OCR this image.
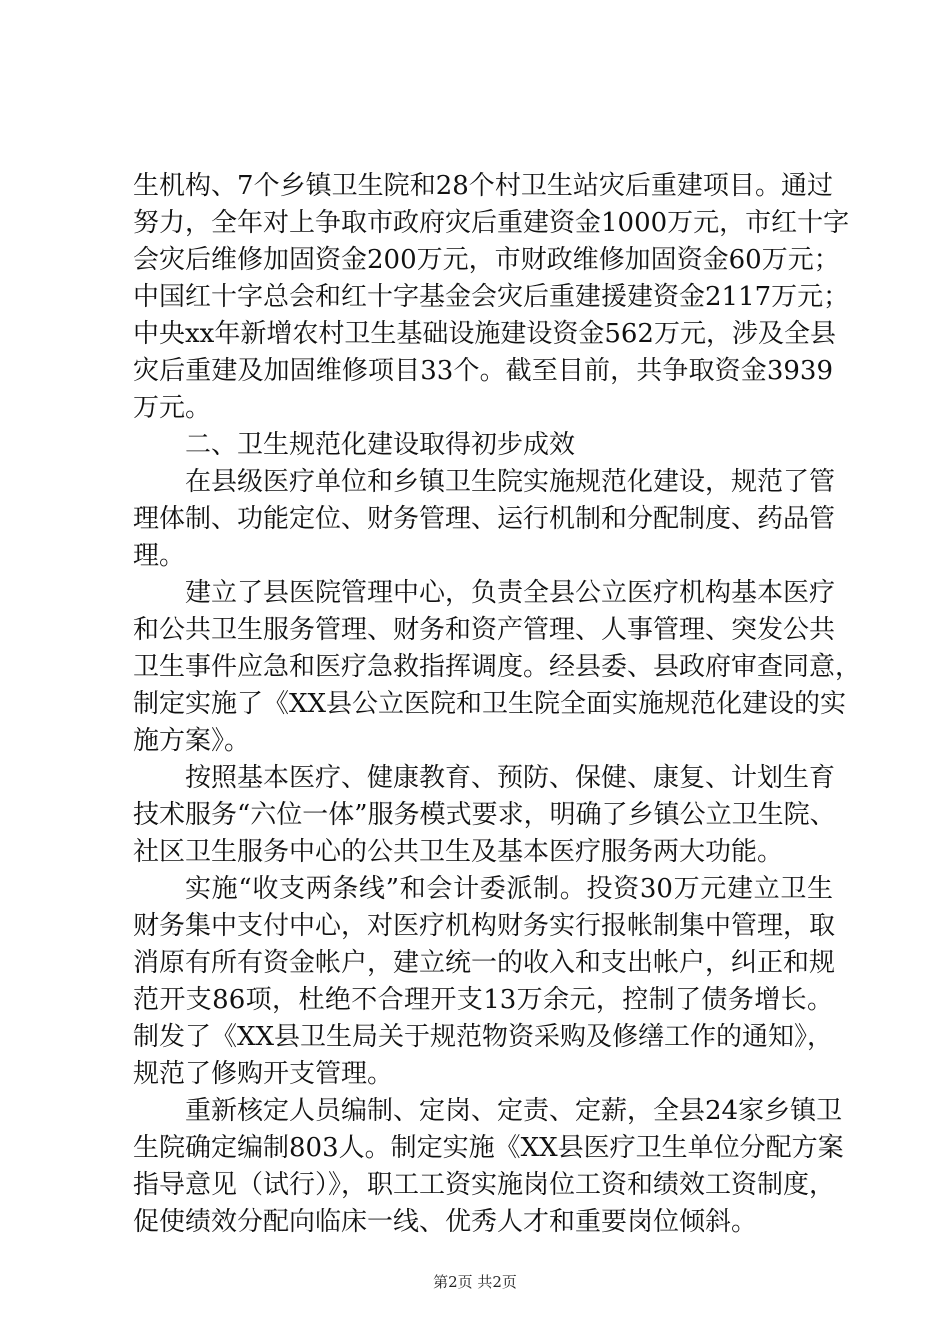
生机构、7个乡镇卫生院和28个村卫生站灾后重建项目。通过
努力，全年对上争取市政府灾后重建资金1000万元，市红十字
会灾后维修加固资金200万元，市财政维修加固资金60万元；
中国红十字总会和红十字基金会灾后重建援建资金2117万元；
中央xx年新增农村卫生基础设施建设资金562万元，涉及全县
灾后重建及加固维修项目33个。截至目前，共争取资金3939
万元。
二、卫生规范化建设取得初步成效
在县级医疗单位和乡镇卫生院实施规范化建设，规范了管
理体制、功能定位、财务管理、运行机制和分配制度、药品管
理。
建立了县医院管理中心，负责全县公立医疗机构基本医疗
和公共卫生服务管理、财务和资产管理、人事管理、突发公共
卫生事件应急和医疗急救指挥调度。经县委、县政府审查同意，
制定实施了《XX县公立医院和卫生院全面实施规范化建设的实
施方案》。
按照基本医疗、健康教育、预防、保健、康复、计划生育
技术服务“六位一体”服务模式要求，明确了乡镇公立卫生院、
社区卫生服务中心的公共卫生及基本医疗服务两大功能。
实施“收支两条线”和会计委派制。投资30万元建立卫生
财务集中支付中心，对医疗机构财务实行报帐制集中管理，取
消原有所有资金帐户，建立统一的收入和支出帐户，纠正和规
范开支86项，杜绝不合理开支13万余元，控制了债务增长。
制发了《XX县卫生局关于规范物资采购及修缮工作的通知》，
规范了修购开支管理。
重新核定人员编制、定岗、定责、定薪，全县24家乡镇卫
生院确定编制803人。制定实施《XX县医疗卫生单位分配方案
指导意见（试行）》，职工工资实施岗位工资和绩效工资制度，
促使绩效分配向临床一线、优秀人才和重要岗位倾斜。
第2页 共2页
